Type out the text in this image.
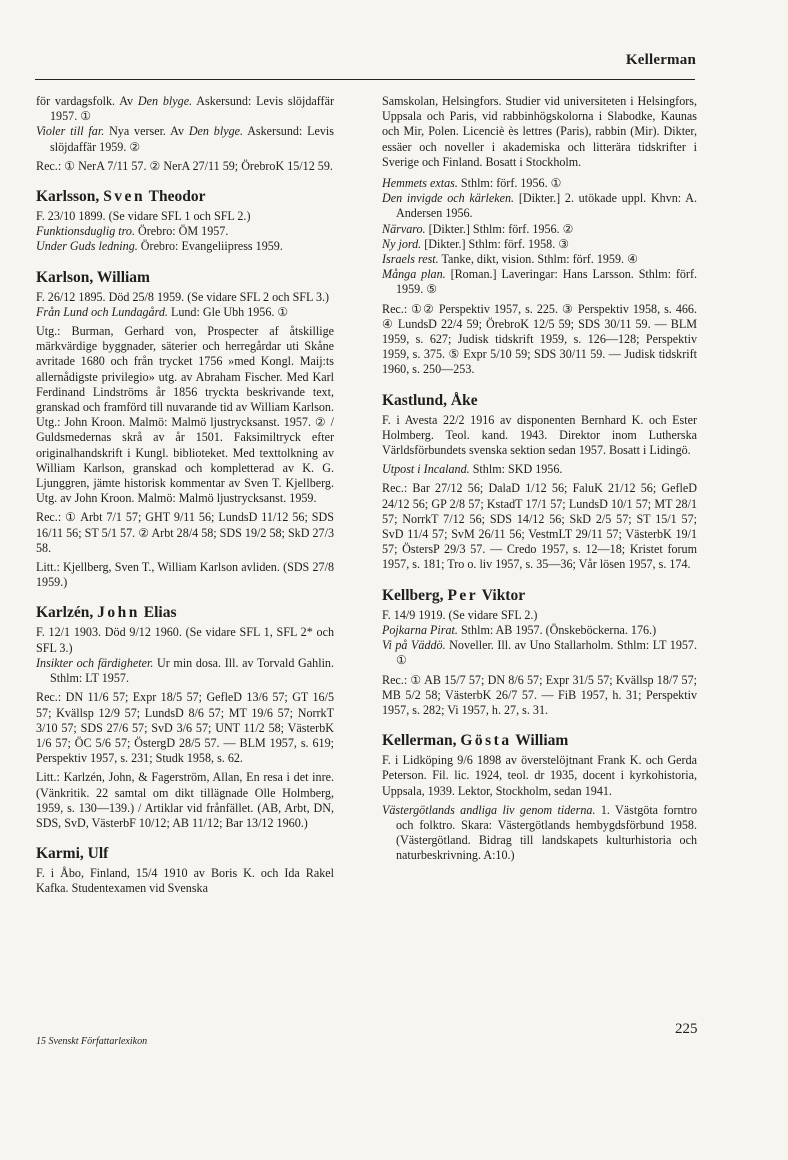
Kellerman

för vardagsfolk. Av Den blyge. Askersund: Levis slöjdaffär 1957. ①

Violer till far. Nya verser. Av Den blyge. Askersund: Levis slöjdaffär 1959. ②

Rec.: ① NerA 7/11 57. ② NerA 27/11 59; ÖrebroK 15/12 59.

Karlsson, Sven Theodor

F. 23/10 1899. (Se vidare SFL 1 och SFL 2.)

Funktionsduglig tro. Örebro: ÖM 1957.

Under Guds ledning. Örebro: Evangeliipress 1959.

Karlson, William

F. 26/12 1895. Död 25/8 1959. (Se vidare SFL 2 och SFL 3.)

Från Lund och Lundagård. Lund: Gle Ubh 1956. ①

Utg.: Burman, Gerhard von, Prospecter af åtskillige märkvärdige byggnader, säterier och herregårdar uti Skåne avritade 1680 och från trycket 1756 »med Kongl. Maij:ts allernådigste privilegio» utg. av Abraham Fischer. Med Karl Ferdinand Lindströms år 1856 tryckta beskrivande text, granskad och framförd till nuvarande tid av William Karlson. Utg.: John Kroon. Malmö: Malmö ljustrycksanst. 1957. ② / Guldsmedernas skrå av år 1501. Faksimiltryck efter originalhandskrift i Kungl. biblioteket. Med texttolkning av William Karlson, granskad och kompletterad av K. G. Ljunggren, jämte historisk kommentar av Sven T. Kjellberg. Utg. av John Kroon. Malmö: Malmö ljustrycksanst. 1959.

Rec.: ① Arbt 7/1 57; GHT 9/11 56; LundsD 11/12 56; SDS 16/11 56; ST 5/1 57. ② Arbt 28/4 58; SDS 19/2 58; SkD 27/3 58.

Litt.: Kjellberg, Sven T., William Karlson avliden. (SDS 27/8 1959.)

Karlzén, John Elias

F. 12/1 1903. Död 9/12 1960. (Se vidare SFL 1, SFL 2* och SFL 3.)

Insikter och färdigheter. Ur min dosa. Ill. av Torvald Gahlin. Sthlm: LT 1957.

Rec.: DN 11/6 57; Expr 18/5 57; GefleD 13/6 57; GT 16/5 57; Kvällsp 12/9 57; LundsD 8/6 57; MT 19/6 57; NorrkT 3/10 57; SDS 27/6 57; SvD 3/6 57; UNT 11/2 58; VästerbK 1/6 57; ÖC 5/6 57; ÖstergD 28/5 57. — BLM 1957, s. 619; Perspektiv 1957, s. 231; Studk 1958, s. 62.

Litt.: Karlzén, John, & Fagerström, Allan, En resa i det inre. (Vänkritik. 22 samtal om dikt tillägnade Olle Holmberg, 1959, s. 130—139.) / Artiklar vid frånfället. (AB, Arbt, DN, SDS, SvD, VästerbF 10/12; AB 11/12; Bar 13/12 1960.)

Karmi, Ulf

F. i Åbo, Finland, 15/4 1910 av Boris K. och Ida Rakel Kafka. Studentexamen vid Svenska

Samskolan, Helsingfors. Studier vid universiteten i Helsingfors, Uppsala och Paris, vid rabbinhögskolorna i Slabodke, Kaunas och Mir, Polen. Licenciè ès lettres (Paris), rabbin (Mir). Dikter, essäer och noveller i akademiska och litterära tidskrifter i Sverige och Finland. Bosatt i Stockholm.

Hemmets extas. Sthlm: förf. 1956. ①

Den invigde och kärleken. [Dikter.] 2. utökade uppl. Khvn: A. Andersen 1956.

Närvaro. [Dikter.] Sthlm: förf. 1956. ②

Ny jord. [Dikter.] Sthlm: förf. 1958. ③

Israels rest. Tanke, dikt, vision. Sthlm: förf. 1959. ④

Många plan. [Roman.] Laveringar: Hans Larsson. Sthlm: förf. 1959. ⑤

Rec.: ①② Perspektiv 1957, s. 225. ③ Perspektiv 1958, s. 466. ④ LundsD 22/4 59; ÖrebroK 12/5 59; SDS 30/11 59. — BLM 1959, s. 627; Judisk tidskrift 1959, s. 126—128; Perspektiv 1959, s. 375. ⑤ Expr 5/10 59; SDS 30/11 59. — Judisk tidskrift 1960, s. 250—253.

Kastlund, Åke

F. i Avesta 22/2 1916 av disponenten Bernhard K. och Ester Holmberg. Teol. kand. 1943. Direktor inom Lutherska Världsförbundets svenska sektion sedan 1957. Bosatt i Lidingö.

Utpost i Incaland. Sthlm: SKD 1956.

Rec.: Bar 27/12 56; DalaD 1/12 56; FaluK 21/12 56; GefleD 24/12 56; GP 2/8 57; KstadT 17/1 57; LundsD 10/1 57; MT 28/1 57; NorrkT 7/12 56; SDS 14/12 56; SkD 2/5 57; ST 15/1 57; SvD 11/4 57; SvM 26/11 56; VestmLT 29/11 57; VästerbK 19/1 57; ÖstersP 29/3 57. — Credo 1957, s. 12—18; Kristet forum 1957, s. 181; Tro o. liv 1957, s. 35—36; Vår lösen 1957, s. 174.

Kellberg, Per Viktor

F. 14/9 1919. (Se vidare SFL 2.)

Pojkarna Pirat. Sthlm: AB 1957. (Önskeböckerna. 176.)

Vi på Väddö. Noveller. Ill. av Uno Stallarholm. Sthlm: LT 1957. ①

Rec.: ① AB 15/7 57; DN 8/6 57; Expr 31/5 57; Kvällsp 18/7 57; MB 5/2 58; VästerbK 26/7 57. — FiB 1957, h. 31; Perspektiv 1957, s. 282; Vi 1957, h. 27, s. 31.

Kellerman, Gösta William

F. i Lidköping 9/6 1898 av överstelöjtnant Frank K. och Gerda Peterson. Fil. lic. 1924, teol. dr 1935, docent i kyrkohistoria, Uppsala, 1939. Lektor, Stockholm, sedan 1941.

Västergötlands andliga liv genom tiderna. 1. Västgöta forntro och folktro. Skara: Västergötlands hembygdsförbund 1958. (Västergötland. Bidrag till landskapets kulturhistoria och naturbeskrivning. A:10.)

15 Svenskt Författarlexikon
225
